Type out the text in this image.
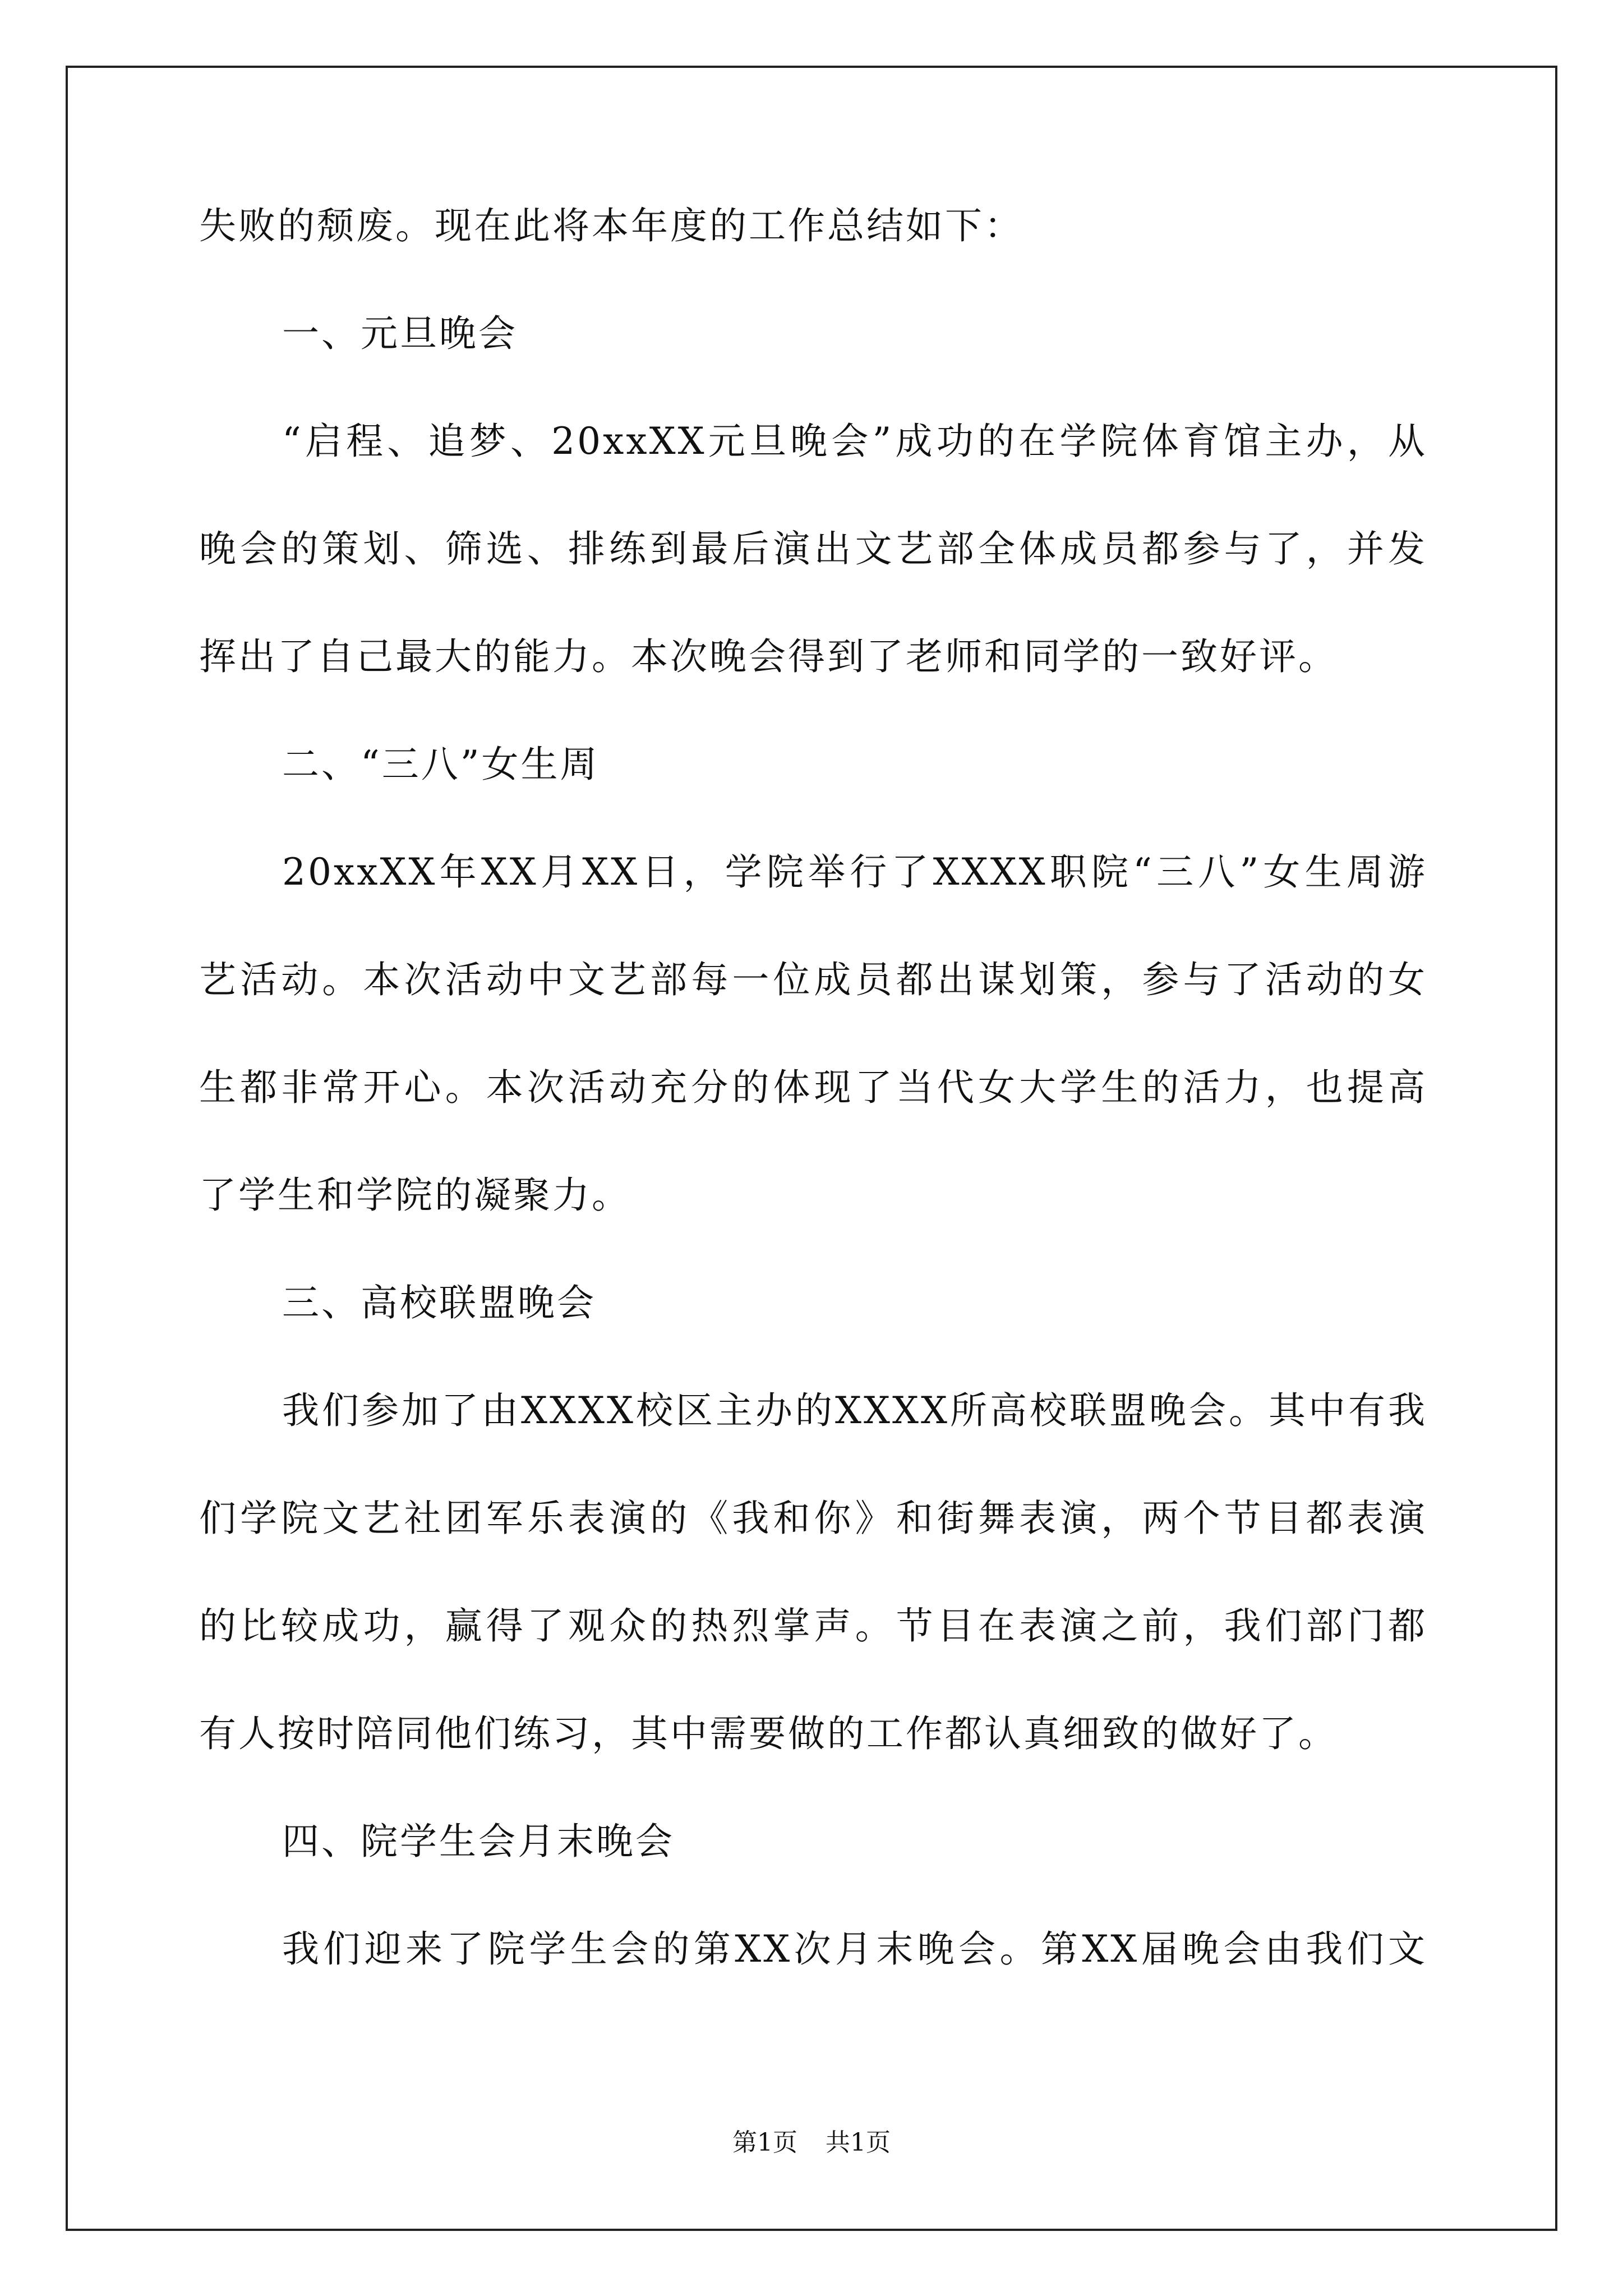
失败的颓废。现在此将本年度的工作总结如下：
一、元旦晚会
“启程、追梦、20xxXX元旦晚会”成功的在学院体育馆主办，从
晚会的策划、筛选、排练到最后演出文艺部全体成员都参与了，并发
挥出了自己最大的能力。本次晚会得到了老师和同学的一致好评。
二、“三八”女生周
20xxXX年XX月XX日，学院举行了XXXX职院“三八”女生周游
艺活动。本次活动中文艺部每一位成员都出谋划策，参与了活动的女
生都非常开心。本次活动充分的体现了当代女大学生的活力，也提高
了学生和学院的凝聚力。
三、高校联盟晚会
我们参加了由XXXX校区主办的XXXX所高校联盟晚会。其中有我
们学院文艺社团军乐表演的《我和你》和街舞表演，两个节目都表演
的比较成功，赢得了观众的热烈掌声。节目在表演之前，我们部门都
有人按时陪同他们练习，其中需要做的工作都认真细致的做好了。
四、院学生会月末晚会
我们迎来了院学生会的第XX次月末晚会。第XX届晚会由我们文
第1页 共1页
